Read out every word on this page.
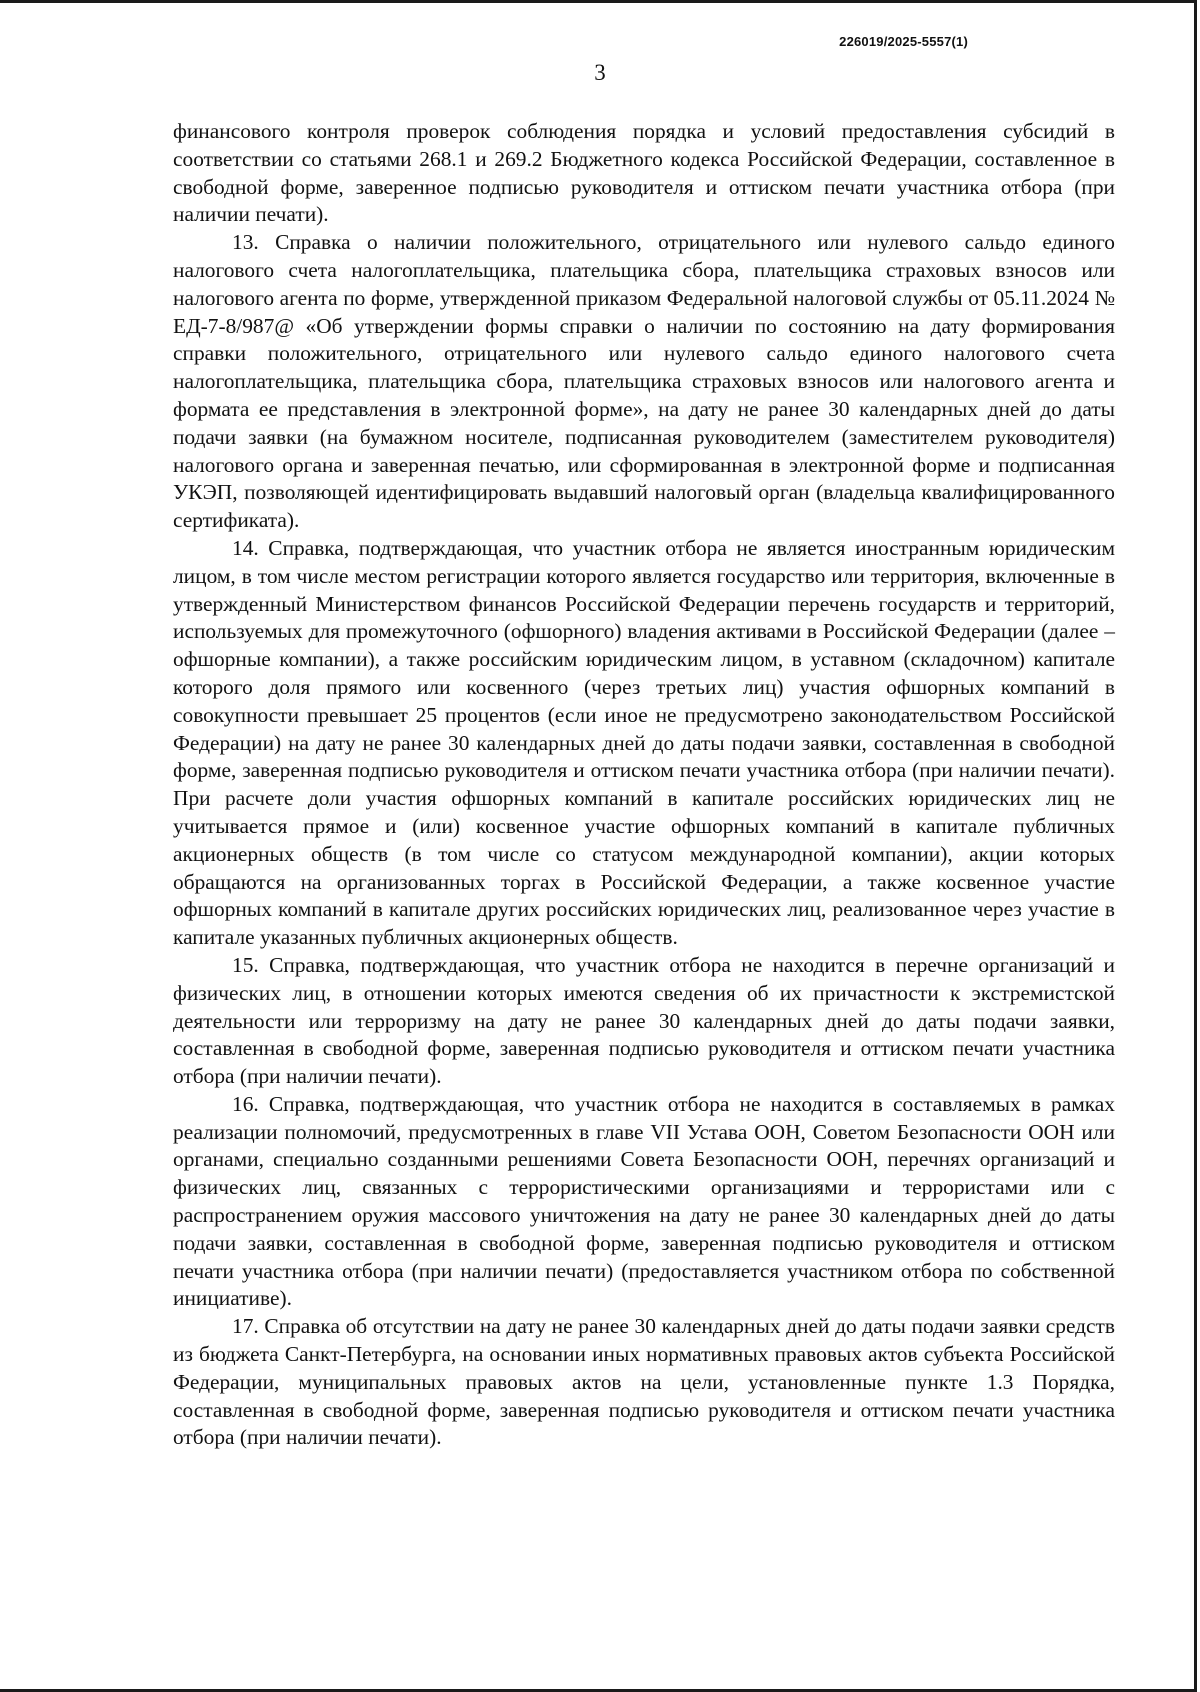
226019/2025-5557(1)
3

финансового контроля проверок соблюдения порядка и условий предоставления субсидий в соответствии со статьями 268.1 и 269.2 Бюджетного кодекса Российской Федерации, составленное в свободной форме, заверенное подписью руководителя и оттиском печати участника отбора (при наличии печати).

13. Справка о наличии положительного, отрицательного или нулевого сальдо единого налогового счета налогоплательщика, плательщика сбора, плательщика страховых взносов или налогового агента по форме, утвержденной приказом Федеральной налоговой службы от 05.11.2024 № ЕД-7-8/987@ «Об утверждении формы справки о наличии по состоянию на дату формирования справки положительного, отрицательного или нулевого сальдо единого налогового счета налогоплательщика, плательщика сбора, плательщика страховых взносов или налогового агента и формата ее представления в электронной форме», на дату не ранее 30 календарных дней до даты подачи заявки (на бумажном носителе, подписанная руководителем (заместителем руководителя) налогового органа и заверенная печатью, или сформированная в электронной форме и подписанная УКЭП, позволяющей идентифицировать выдавший налоговый орган (владельца квалифицированного сертификата).

14. Справка, подтверждающая, что участник отбора не является иностранным юридическим лицом, в том числе местом регистрации которого является государство или территория, включенные в утвержденный Министерством финансов Российской Федерации перечень государств и территорий, используемых для промежуточного (офшорного) владения активами в Российской Федерации (далее – офшорные компании), а также российским юридическим лицом, в уставном (складочном) капитале которого доля прямого или косвенного (через третьих лиц) участия офшорных компаний в совокупности превышает 25 процентов (если иное не предусмотрено законодательством Российской Федерации) на дату не ранее 30 календарных дней до даты подачи заявки, составленная в свободной форме, заверенная подписью руководителя и оттиском печати участника отбора (при наличии печати). При расчете доли участия офшорных компаний в капитале российских юридических лиц не учитывается прямое и (или) косвенное участие офшорных компаний в капитале публичных акционерных обществ (в том числе со статусом международной компании), акции которых обращаются на организованных торгах в Российской Федерации, а также косвенное участие офшорных компаний в капитале других российских юридических лиц, реализованное через участие в капитале указанных публичных акционерных обществ.

15. Справка, подтверждающая, что участник отбора не находится в перечне организаций и физических лиц, в отношении которых имеются сведения об их причастности к экстремистской деятельности или терроризму на дату не ранее 30 календарных дней до даты подачи заявки, составленная в свободной форме, заверенная подписью руководителя и оттиском печати участника отбора (при наличии печати).

16. Справка, подтверждающая, что участник отбора не находится в составляемых в рамках реализации полномочий, предусмотренных в главе VII Устава ООН, Советом Безопасности ООН или органами, специально созданными решениями Совета Безопасности ООН, перечнях организаций и физических лиц, связанных с террористическими организациями и террористами или с распространением оружия массового уничтожения на дату не ранее 30 календарных дней до даты подачи заявки, составленная в свободной форме, заверенная подписью руководителя и оттиском печати участника отбора (при наличии печати) (предоставляется участником отбора по собственной инициативе).

17. Справка об отсутствии на дату не ранее 30 календарных дней до даты подачи заявки средств из бюджета Санкт-Петербурга, на основании иных нормативных правовых актов субъекта Российской Федерации, муниципальных правовых актов на цели, установленные пункте 1.3 Порядка, составленная в свободной форме, заверенная подписью руководителя и оттиском печати участника отбора (при наличии печати).
